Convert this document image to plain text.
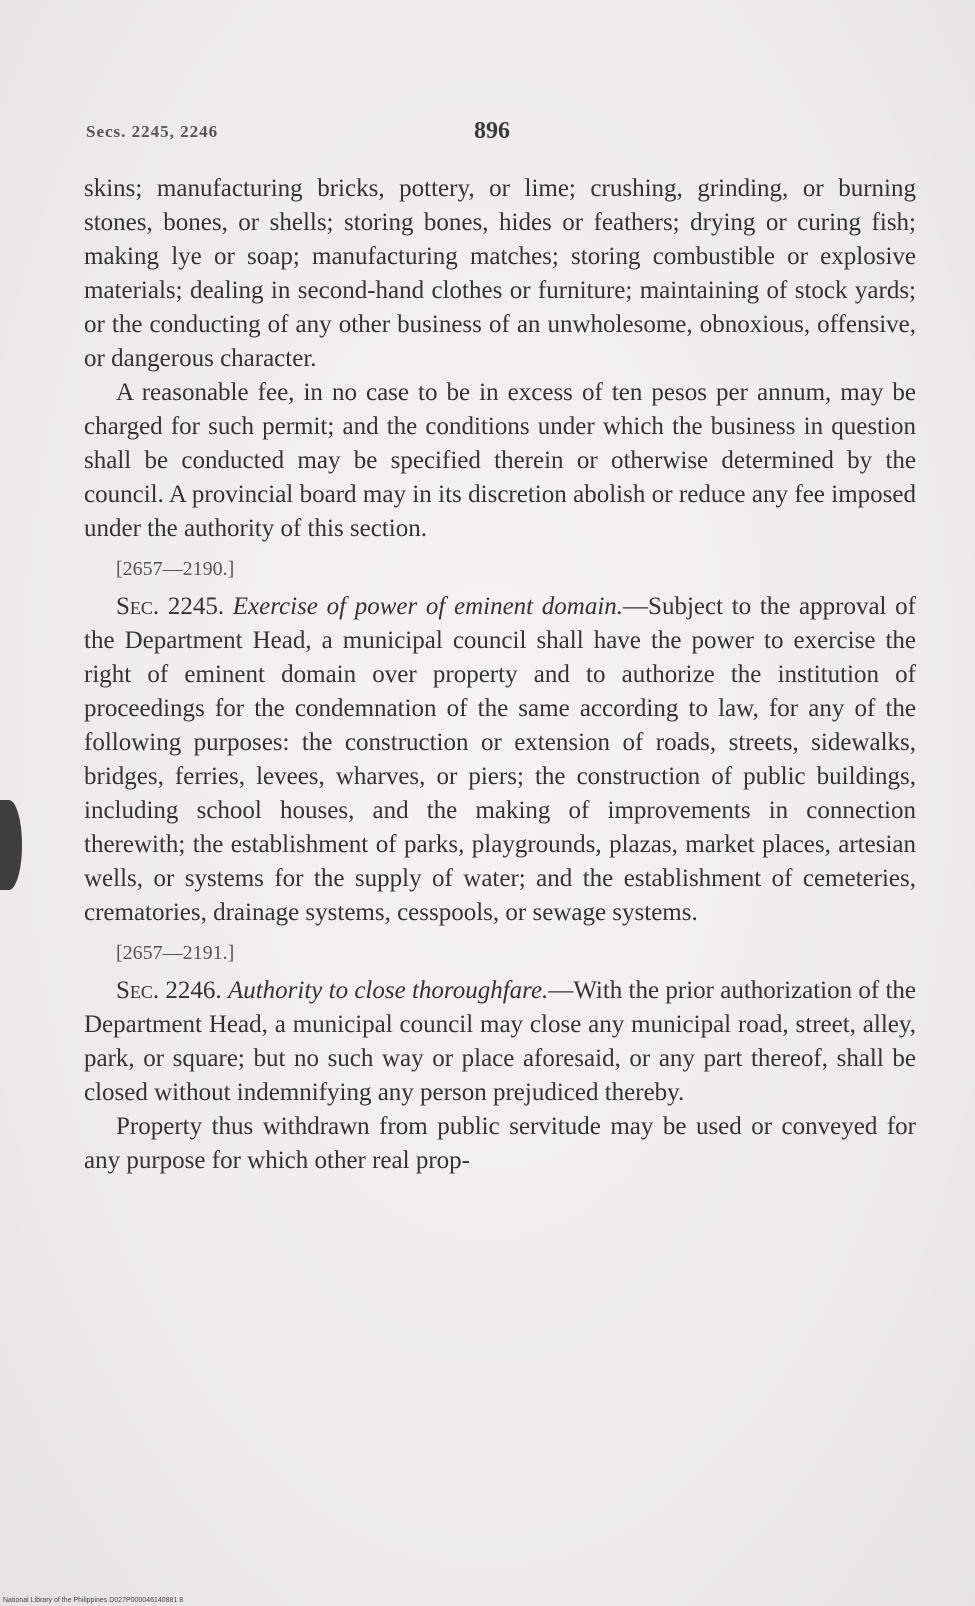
Secs. 2245, 2246	896

skins; manufacturing bricks, pottery, or lime; crushing, grinding, or burning stones, bones, or shells; storing bones, hides or feathers; drying or curing fish; making lye or soap; manufacturing matches; storing combustible or explosive materials; dealing in second-hand clothes or furniture; maintaining of stock yards; or the conducting of any other business of an unwholesome, obnoxious, offensive, or dangerous character.

A reasonable fee, in no case to be in excess of ten pesos per annum, may be charged for such permit; and the conditions under which the business in question shall be conducted may be specified therein or otherwise determined by the council. A provincial board may in its discretion abolish or reduce any fee imposed under the authority of this section.

[2657—2190.]

Sec. 2245. Exercise of power of eminent domain.—Subject to the approval of the Department Head, a municipal council shall have the power to exercise the right of eminent domain over property and to authorize the institution of proceedings for the condemnation of the same according to law, for any of the following purposes: the construction or extension of roads, streets, sidewalks, bridges, ferries, levees, wharves, or piers; the construction of public buildings, including school houses, and the making of improvements in connection therewith; the establishment of parks, playgrounds, plazas, market places, artesian wells, or systems for the supply of water; and the establishment of cemeteries, crematories, drainage systems, cesspools, or sewage systems.

[2657—2191.]

Sec. 2246. Authority to close thoroughfare.—With the prior authorization of the Department Head, a municipal council may close any municipal road, street, alley, park, or square; but no such way or place aforesaid, or any part thereof, shall be closed without indemnifying any person prejudiced thereby.

Property thus withdrawn from public servitude may be used or conveyed for any purpose for which other real prop-

National Library of the Philippines D027P000046140881 8
